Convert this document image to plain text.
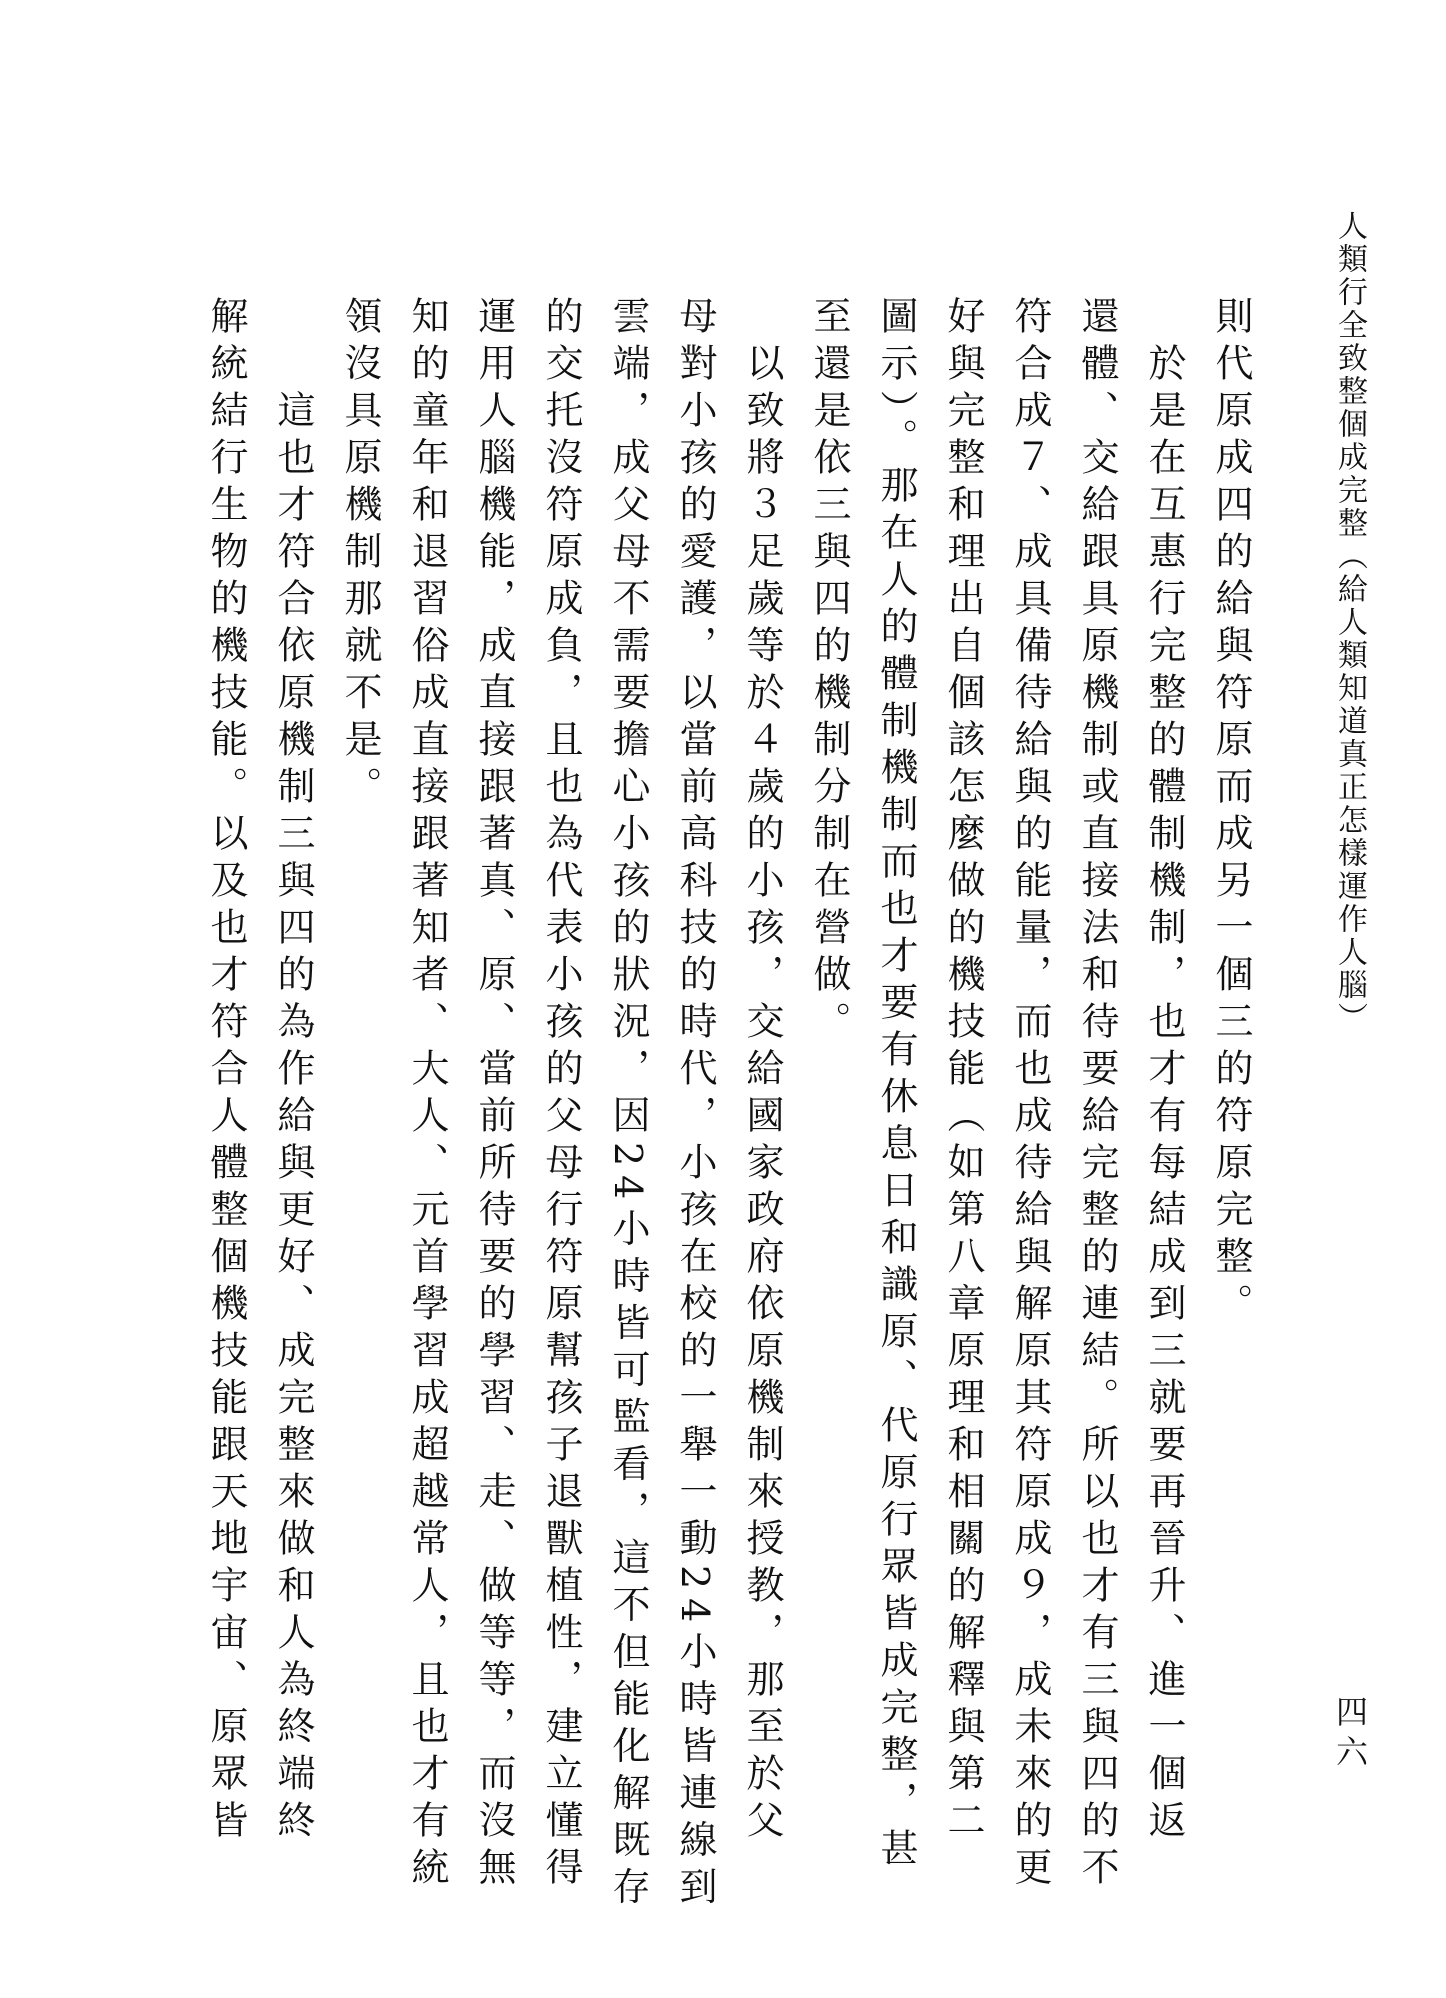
人類行全致整個成完整（給人類知道真正怎樣運作人腦）
四六
則代原成四的給與符原而成另一個三的符原完整。
　於是在互惠行完整的體制機制，也才有每結成到三就要再晉升、進一個返
還體、交給跟具原機制或直接法和待要給完整的連結。所以也才有三與四的不
符合成７、成具備待給與的能量，而也成待給與解原其符原成９，成未來的更
好與完整和理出自個該怎麼做的機技能（如第八章原理和相關的解釋與第二
圖示）。那在人的體制機制而也才要有休息日和識原、代原行眾皆成完整，甚
至還是依三與四的機制分制在營做。
　以致將３足歲等於４歲的小孩，交給國家政府依原機制來授教，那至於父
母對小孩的愛護，以當前高科技的時代，小孩在校的一舉一動24小時皆連線到
雲端，成父母不需要擔心小孩的狀況，因24小時皆可監看，這不但能化解既存
的交托沒符原成負，且也為代表小孩的父母行符原幫孩子退獸植性，建立懂得
運用人腦機能，成直接跟著真、原、當前所待要的學習、走、做等等，而沒無
知的童年和退習俗成直接跟著知者、大人、元首學習成超越常人，且也才有統
領沒具原機制那就不是。
　　這也才符合依原機制三與四的為作給與更好、成完整來做和人為終端終
解統結行生物的機技能。以及也才符合人體整個機技能跟天地宇宙、原眾皆
